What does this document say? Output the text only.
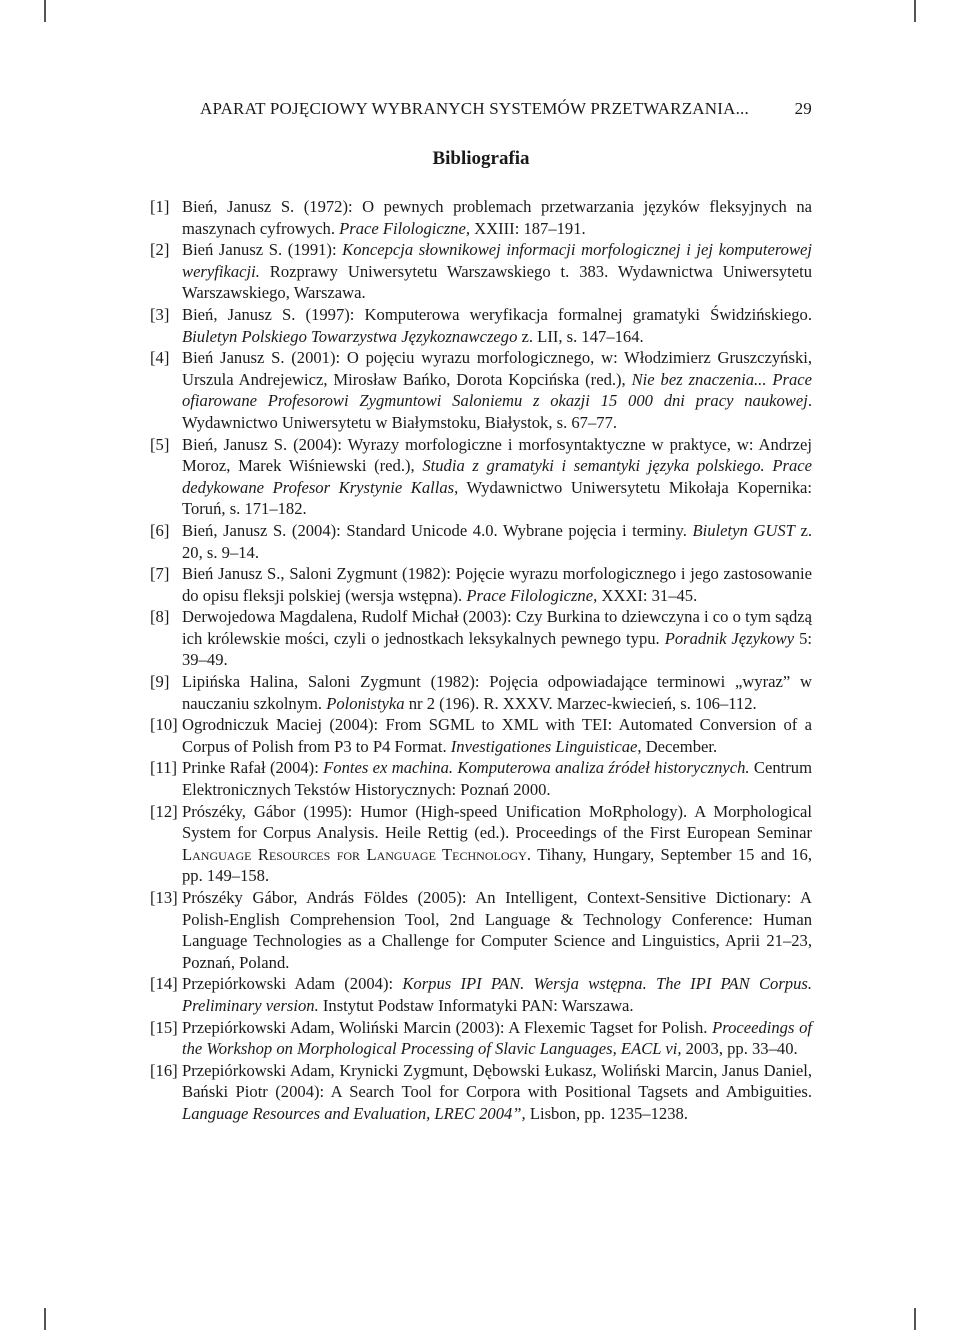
APARAT POJĘCIOWY WYBRANYCH SYSTEMÓW PRZETWARZANIA...	29
Bibliografia
[1] Bień, Janusz S. (1972): O pewnych problemach przetwarzania języków fleksyjnych na maszynach cyfrowych. Prace Filologiczne, XXIII: 187–191.
[2] Bień Janusz S. (1991): Koncepcja słownikowej informacji morfologicznej i jej komputerowej weryfikacji. Rozprawy Uniwersytetu Warszawskiego t. 383. Wydawnictwa Uniwersytetu Warszawskiego, Warszawa.
[3] Bień, Janusz S. (1997): Komputerowa weryfikacja formalnej gramatyki Świdzińskiego. Biuletyn Polskiego Towarzystwa Językoznawczego z. LII, s. 147–164.
[4] Bień Janusz S. (2001): O pojęciu wyrazu morfologicznego, w: Włodzimierz Gruszczyński, Urszula Andrejewicz, Mirosław Bańko, Dorota Kopcińska (red.), Nie bez znaczenia... Prace ofiarowane Profesorowi Zygmuntowi Saloniemu z okazji 15 000 dni pracy naukowej. Wydawnictwo Uniwersytetu w Białymstoku, Białystok, s. 67–77.
[5] Bień, Janusz S. (2004): Wyrazy morfologiczne i morfosyntaktyczne w praktyce, w: Andrzej Moroz, Marek Wiśniewski (red.), Studia z gramatyki i semantyki języka polskiego. Prace dedykowane Profesor Krystynie Kallas, Wydawnictwo Uniwersytetu Mikołaja Kopernika: Toruń, s. 171–182.
[6] Bień, Janusz S. (2004): Standard Unicode 4.0. Wybrane pojęcia i terminy. Biuletyn GUST z. 20, s. 9–14.
[7] Bień Janusz S., Saloni Zygmunt (1982): Pojęcie wyrazu morfologicznego i jego zastosowanie do opisu fleksji polskiej (wersja wstępna). Prace Filologiczne, XXXI: 31–45.
[8] Derwojedowa Magdalena, Rudolf Michał (2003): Czy Burkina to dziewczyna i co o tym sądzą ich królewskie mości, czyli o jednostkach leksykalnych pewnego typu. Poradnik Językowy 5: 39–49.
[9] Lipińska Halina, Saloni Zygmunt (1982): Pojęcia odpowiadające terminowi „wyraz” w nauczaniu szkolnym. Polonistyka nr 2 (196). R. XXXV. Marzec-kwiecień, s. 106–112.
[10] Ogrodniczuk Maciej (2004): From SGML to XML with TEI: Automated Conversion of a Corpus of Polish from P3 to P4 Format. Investigationes Linguisticae, December.
[11] Prinke Rafał (2004): Fontes ex machina. Komputerowa analiza źródeł historycznych. Centrum Elektronicznych Tekstów Historycznych: Poznań 2000.
[12] Prószéky, Gábor (1995): Humor (High-speed Unification MoRphology). A Morphological System for Corpus Analysis. Heile Rettig (ed.). Proceedings of the First European Seminar Language Resources for Language Technology. Tihany, Hungary, September 15 and 16, pp. 149–158.
[13] Prószéky Gábor, András Földes (2005): An Intelligent, Context-Sensitive Dictionary: A Polish-English Comprehension Tool, 2nd Language & Technology Conference: Human Language Technologies as a Challenge for Computer Science and Linguistics, Aprii 21–23, Poznań, Poland.
[14] Przepiórkowski Adam (2004): Korpus IPI PAN. Wersja wstępna. The IPI PAN Corpus. Preliminary version. Instytut Podstaw Informatyki PAN: Warszawa.
[15] Przepiórkowski Adam, Woliński Marcin (2003): A Flexemic Tagset for Polish. Proceedings of the Workshop on Morphological Processing of Slavic Languages, EACL vi, 2003, pp. 33–40.
[16] Przepiórkowski Adam, Krynicki Zygmunt, Dębowski Łukasz, Woliński Marcin, Janus Daniel, Bański Piotr (2004): A Search Tool for Corpora with Positional Tagsets and Ambiguities. Language Resources and Evaluation, LREC 2004”, Lisbon, pp. 1235–1238.
